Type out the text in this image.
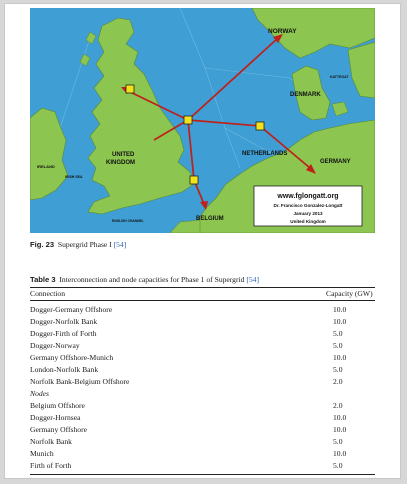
NORWAY
DENMARK
KATTEGAT
GERMANY
NETHERLANDS
BELGIUM
UNITED
KINGDOM
IRELAND
IRISH SEA
ENGLISH CHANNEL
www.fglongatt.org
Dr. Francisco Gonzalez-Longatt
January 2013
United Kingdom
Fig. 23 Supergrid Phase I [54]
Table 3 Interconnection and node capacities for Phase 1 of Supergrid [54]
Connection	Capacity (GW)
Dogger-Germany Offshore	10.0
Dogger-Norfolk Bank	10.0
Dogger-Firth of Forth	5.0
Dogger-Norway	5.0
Germany Offshore-Munich	10.0
London-Norfolk Bank	5.0
Norfolk Bank-Belgium Offshore	2.0
Nodes
Belgium Offshore	2.0
Dogger-Hornsea	10.0
Germany Offshore	10.0
Norfolk Bank	5.0
Munich	10.0
Firth of Forth	5.0
